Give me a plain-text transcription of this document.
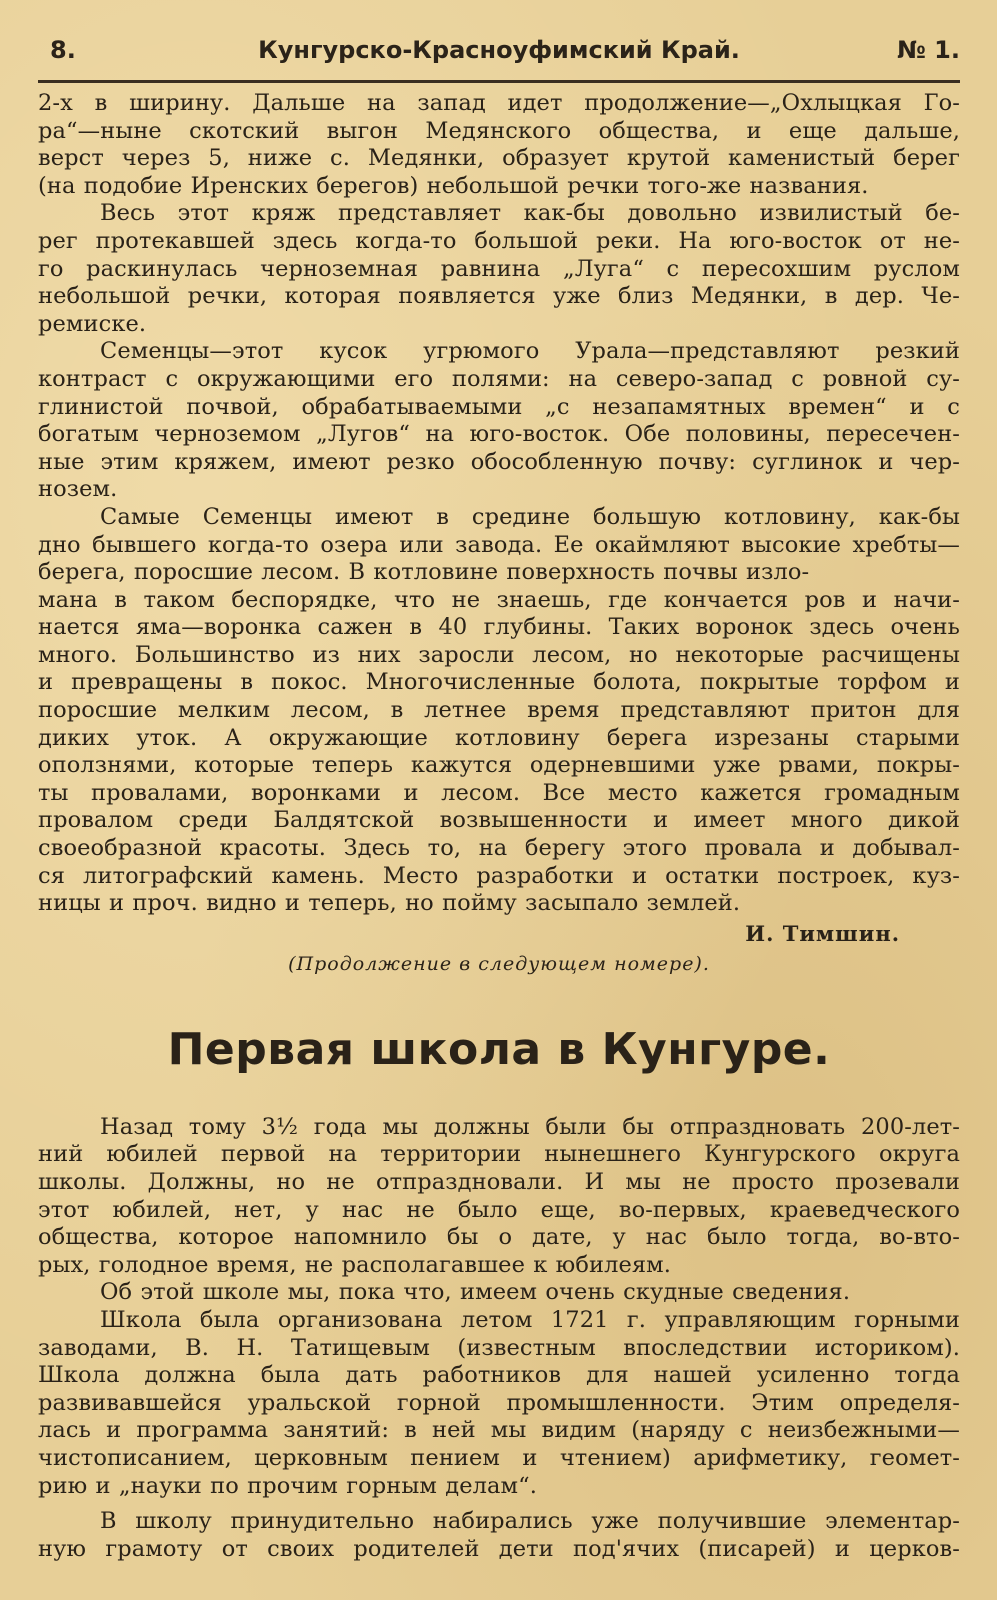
8.	Кунгурско-Красноуфимский Край.	№ 1.

2-х в ширину. Дальше на запад идет продолжение—„Охлыцкая Го-

ра“—ныне скотский выгон Медянского общества, и еще дальше,

верст через 5, ниже с. Медянки, образует крутой каменистый берег

(на подобие Иренских берегов) небольшой речки того-же названия.

Весь этот кряж представляет как-бы довольно извилистый бе-

рег протекавшей здесь когда-то большой реки. На юго-восток от не-

го раскинулась черноземная равнина „Луга“ с пересохшим руслом

небольшой речки, которая появляется уже близ Медянки, в дер. Че-

ремиске.

Семенцы—этот кусок угрюмого Урала—представляют резкий

контраст с окружающими его полями: на северо-запад с ровной су-

глинистой почвой, обрабатываемыми „с незапамятных времен“ и с

богатым черноземом „Лугов“ на юго-восток. Обе половины, пересечен-

ные этим кряжем, имеют резко обособленную почву: суглинок и чер-

нозем.

Самые Семенцы имеют в средине большую котловину, как-бы

дно бывшего когда-то озера или завода. Ее окаймляют высокие хребты—берега, поросшие лесом. В котловине поверхность почвы изло-

мана в таком беспорядке, что не знаешь, где кончается ров и начи-

нается яма—воронка сажен в 40 глубины. Таких воронок здесь очень

много. Большинство из них заросли лесом, но некоторые расчищены

и превращены в покос. Многочисленные болота, покрытые торфом и

поросшие мелким лесом, в летнее время представляют притон для

диких уток. А окружающие котловину берега изрезаны старыми

оползнями, которые теперь кажутся одерневшими уже рвами, покры-

ты провалами, воронками и лесом. Все место кажется громадным

провалом среди Балдятской возвышенности и имеет много дикой

своеобразной красоты. Здесь то, на берегу этого провала и добывал-

ся литографский камень. Место разработки и остатки построек, куз-

ницы и проч. видно и теперь, но пойму засыпало землей.

И. Тимшин.

(Продолжение в следующем номере).

Первая школа в Кунгуре.

Назад тому 3½ года мы должны были бы отпраздновать 200-лет-

ний юбилей первой на территории нынешнего Кунгурского округа

школы. Должны, но не отпраздновали. И мы не просто прозевали

этот юбилей, нет, у нас не было еще, во-первых, краеведческого

общества, которое напомнило бы о дате, у нас было тогда, во-вто-

рых, голодное время, не располагавшее к юбилеям.

Об этой школе мы, пока что, имеем очень скудные сведения.

Школа была организована летом 1721 г. управляющим горными

заводами, В. Н. Татищевым (известным впоследствии историком).

Школа должна была дать работников для нашей усиленно тогда

развивавшейся уральской горной промышленности. Этим определя-

лась и программа занятий: в ней мы видим (наряду с неизбежными—

чистописанием, церковным пением и чтением) арифметику, геомет-

рию и „науки по прочим горным делам“.

В школу принудительно набирались уже получившие элементар-

ную грамоту от своих родителей дети под'ячих (писарей) и церков-
